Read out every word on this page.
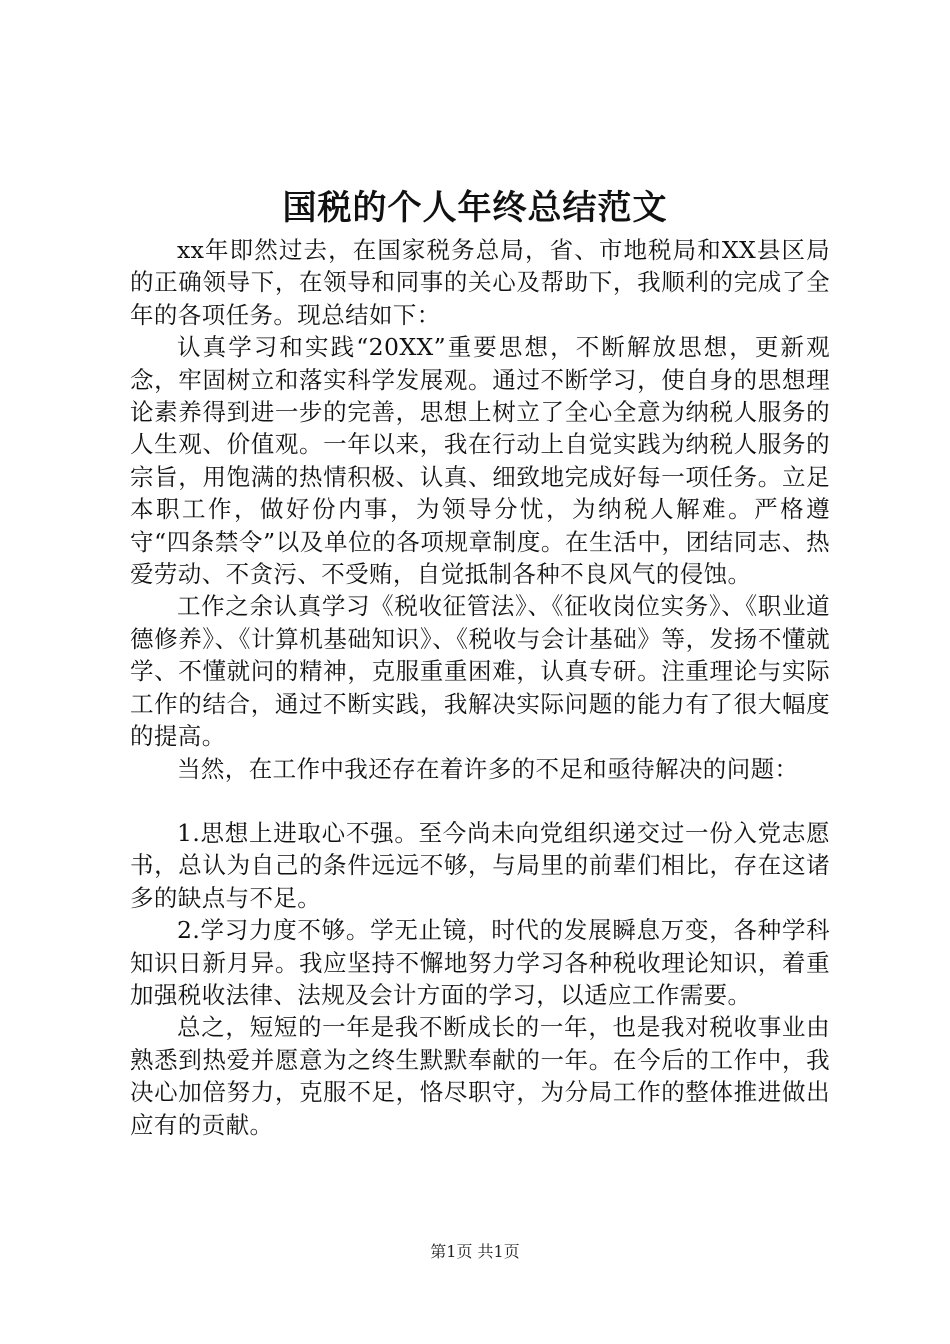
国税的个人年终总结范文

xx年即然过去，在国家税务总局，省、市地税局和XX县区局的正确领导下，在领导和同事的关心及帮助下，我顺利的完成了全年的各项任务。现总结如下：

认真学习和实践“20XX”重要思想，不断解放思想，更新观念，牢固树立和落实科学发展观。通过不断学习，使自身的思想理论素养得到进一步的完善，思想上树立了全心全意为纳税人服务的人生观、价值观。一年以来，我在行动上自觉实践为纳税人服务的宗旨，用饱满的热情积极、认真、细致地完成好每一项任务。立足本职工作，做好份内事，为领导分忧，为纳税人解难。严格遵守“四条禁令”以及单位的各项规章制度。在生活中，团结同志、热爱劳动、不贪污、不受贿，自觉抵制各种不良风气的侵蚀。

工作之余认真学习《税收征管法》、《征收岗位实务》、《职业道德修养》、《计算机基础知识》、《税收与会计基础》等，发扬不懂就学、不懂就问的精神，克服重重困难，认真专研。注重理论与实际工作的结合，通过不断实践，我解决实际问题的能力有了很大幅度的提高。

当然，在工作中我还存在着许多的不足和亟待解决的问题：

1.思想上进取心不强。至今尚未向党组织递交过一份入党志愿书，总认为自己的条件远远不够，与局里的前辈们相比，存在这诸多的缺点与不足。

2.学习力度不够。学无止镜，时代的发展瞬息万变，各种学科知识日新月异。我应坚持不懈地努力学习各种税收理论知识，着重加强税收法律、法规及会计方面的学习，以适应工作需要。

总之，短短的一年是我不断成长的一年，也是我对税收事业由熟悉到热爱并愿意为之终生默默奉献的一年。在今后的工作中，我决心加倍努力，克服不足，恪尽职守，为分局工作的整体推进做出应有的贡献。

第1页 共1页
